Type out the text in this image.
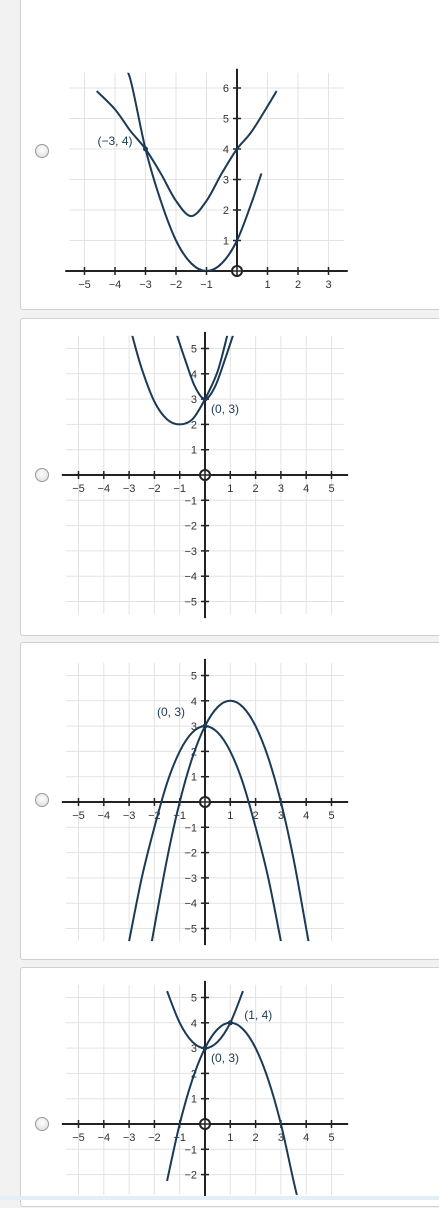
−5 −4 −3 −2 −1	1 2 3
1
2
3
4
5
6
(−3, 4)
−5 −4 −3 −2 −1	1 2 3 4 5
−5
−4
−3
−2
−1
1
2
3
4
5
(0, 3)
−5 −4 −3 −2 −1	1 2 3 4 5
−5
−4
−3
−2
−1
1
2
3
4
5
(0, 3)
−5 −4 −3 −2 −1	1 2 3 4 5
−2
−1
1
2
3
4
5
(0, 3)
(1, 4)
